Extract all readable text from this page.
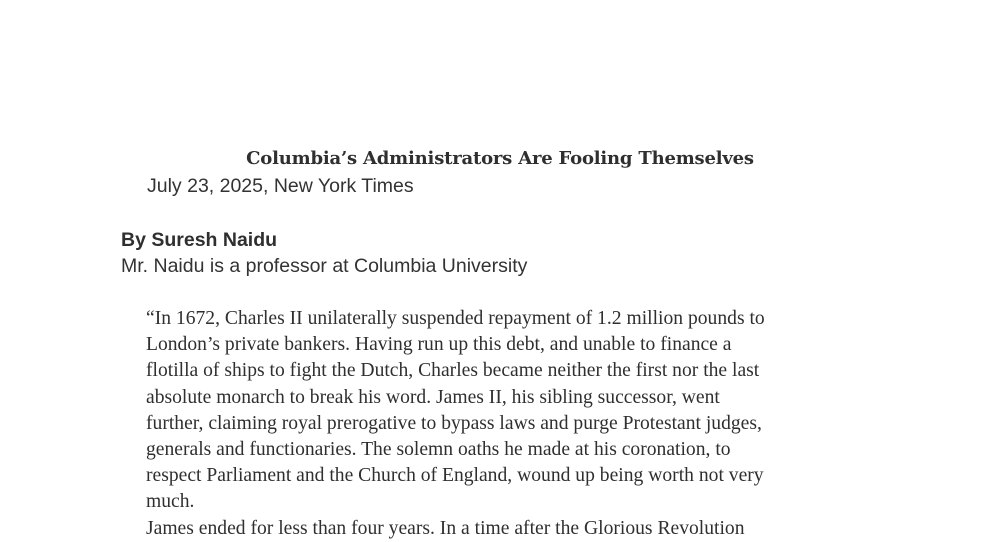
Columbia’s Administrators Are Fooling Themselves
July 23, 2025, New York Times
By Suresh Naidu
Mr. Naidu is a professor at Columbia University
“In 1672, Charles II unilaterally suspended repayment of 1.2 million pounds to
London’s private bankers. Having run up this debt, and unable to finance a
flotilla of ships to fight the Dutch, Charles became neither the first nor the last
absolute monarch to break his word. James II, his sibling successor, went
further, claiming royal prerogative to bypass laws and purge Protestant judges,
generals and functionaries. The solemn oaths he made at his coronation, to
respect Parliament and the Church of England, wound up being worth not very
much.
James ended for less than four years. In a time after the Glorious Revolution
